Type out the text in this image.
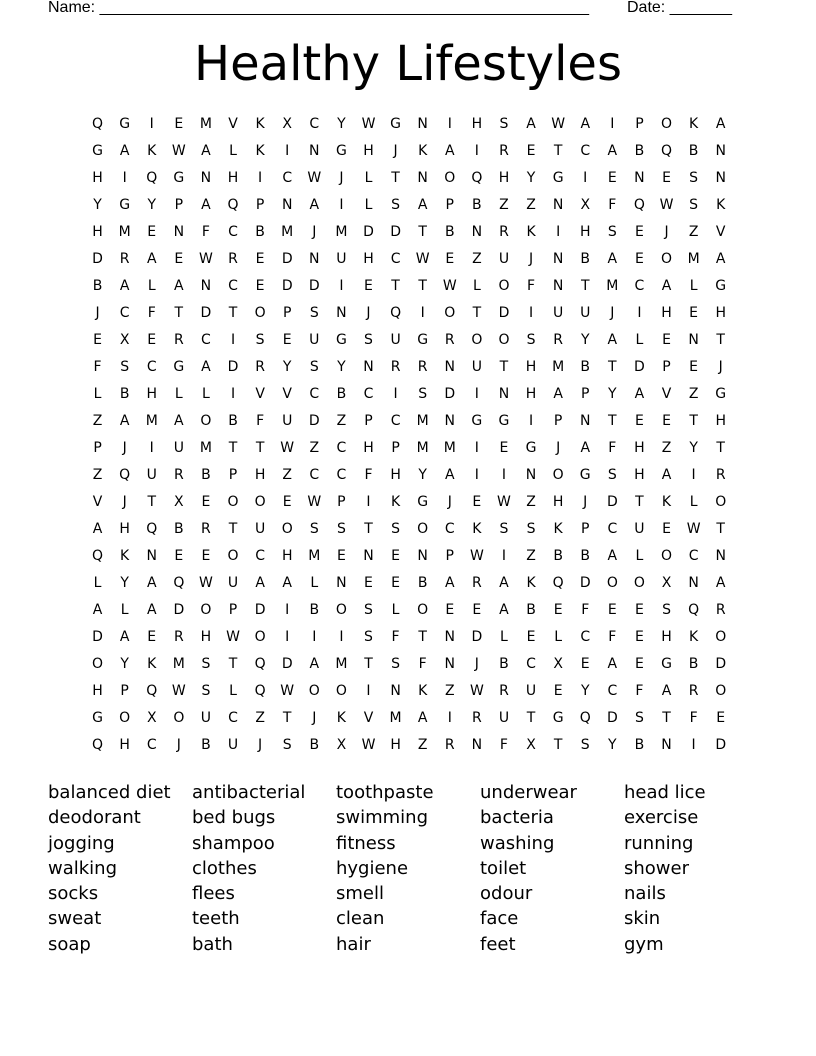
Name: _______________________________________________________ Date: _______
Healthy Lifestyles
Q	G	I	E	M	V	K	X	C	Y	W	G	N	I	H	S	A	W	A	I	P	O	K	A
G	A	K	W	A	L	K	I	N	G	H	J	K	A	I	R	E	T	C	A	B	Q	B	N
H	I	Q	G	N	H	I	C	W	J	L	T	N	O	Q	H	Y	G	I	E	N	E	S	N
Y	G	Y	P	A	Q	P	N	A	I	L	S	A	P	B	Z	Z	N	X	F	Q	W	S	K
H	M	E	N	F	C	B	M	J	M	D	D	T	B	N	R	K	I	H	S	E	J	Z	V
D	R	A	E	W	R	E	D	N	U	H	C	W	E	Z	U	J	N	B	A	E	O	M	A
B	A	L	A	N	C	E	D	D	I	E	T	T	W	L	O	F	N	T	M	C	A	L	G
J	C	F	T	D	T	O	P	S	N	J	Q	I	O	T	D	I	U	U	J	I	H	E	H
E	X	E	R	C	I	S	E	U	G	S	U	G	R	O	O	S	R	Y	A	L	E	N	T
F	S	C	G	A	D	R	Y	S	Y	N	R	R	N	U	T	H	M	B	T	D	P	E	J
L	B	H	L	L	I	V	V	C	B	C	I	S	D	I	N	H	A	P	Y	A	V	Z	G
Z	A	M	A	O	B	F	U	D	Z	P	C	M	N	G	G	I	P	N	T	E	E	T	H
P	J	I	U	M	T	T	W	Z	C	H	P	M	M	I	E	G	J	A	F	H	Z	Y	T
Z	Q	U	R	B	P	H	Z	C	C	F	H	Y	A	I	I	N	O	G	S	H	A	I	R
V	J	T	X	E	O	O	E	W	P	I	K	G	J	E	W	Z	H	J	D	T	K	L	O
A	H	Q	B	R	T	U	O	S	S	T	S	O	C	K	S	S	K	P	C	U	E	W	T
Q	K	N	E	E	O	C	H	M	E	N	E	N	P	W	I	Z	B	B	A	L	O	C	N
L	Y	A	Q	W	U	A	A	L	N	E	E	B	A	R	A	K	Q	D	O	O	X	N	A
A	L	A	D	O	P	D	I	B	O	S	L	O	E	E	A	B	E	F	E	E	S	Q	R
D	A	E	R	H	W	O	I	I	I	S	F	T	N	D	L	E	L	C	F	E	H	K	O
O	Y	K	M	S	T	Q	D	A	M	T	S	F	N	J	B	C	X	E	A	E	G	B	D
H	P	Q	W	S	L	Q	W	O	O	I	N	K	Z	W	R	U	E	Y	C	F	A	R	O
G	O	X	O	U	C	Z	T	J	K	V	M	A	I	R	U	T	G	Q	D	S	T	F	E
Q	H	C	J	B	U	J	S	B	X	W	H	Z	R	N	F	X	T	S	Y	B	N	I	D
balanced diet	antibacterial	toothpaste	underwear	head lice
deodorant	bed bugs	swimming	bacteria	exercise
jogging	shampoo	fitness	washing	running
walking	clothes	hygiene	toilet	shower
socks	flees	smell	odour	nails
sweat	teeth	clean	face	skin
soap	bath	hair	feet	gym
